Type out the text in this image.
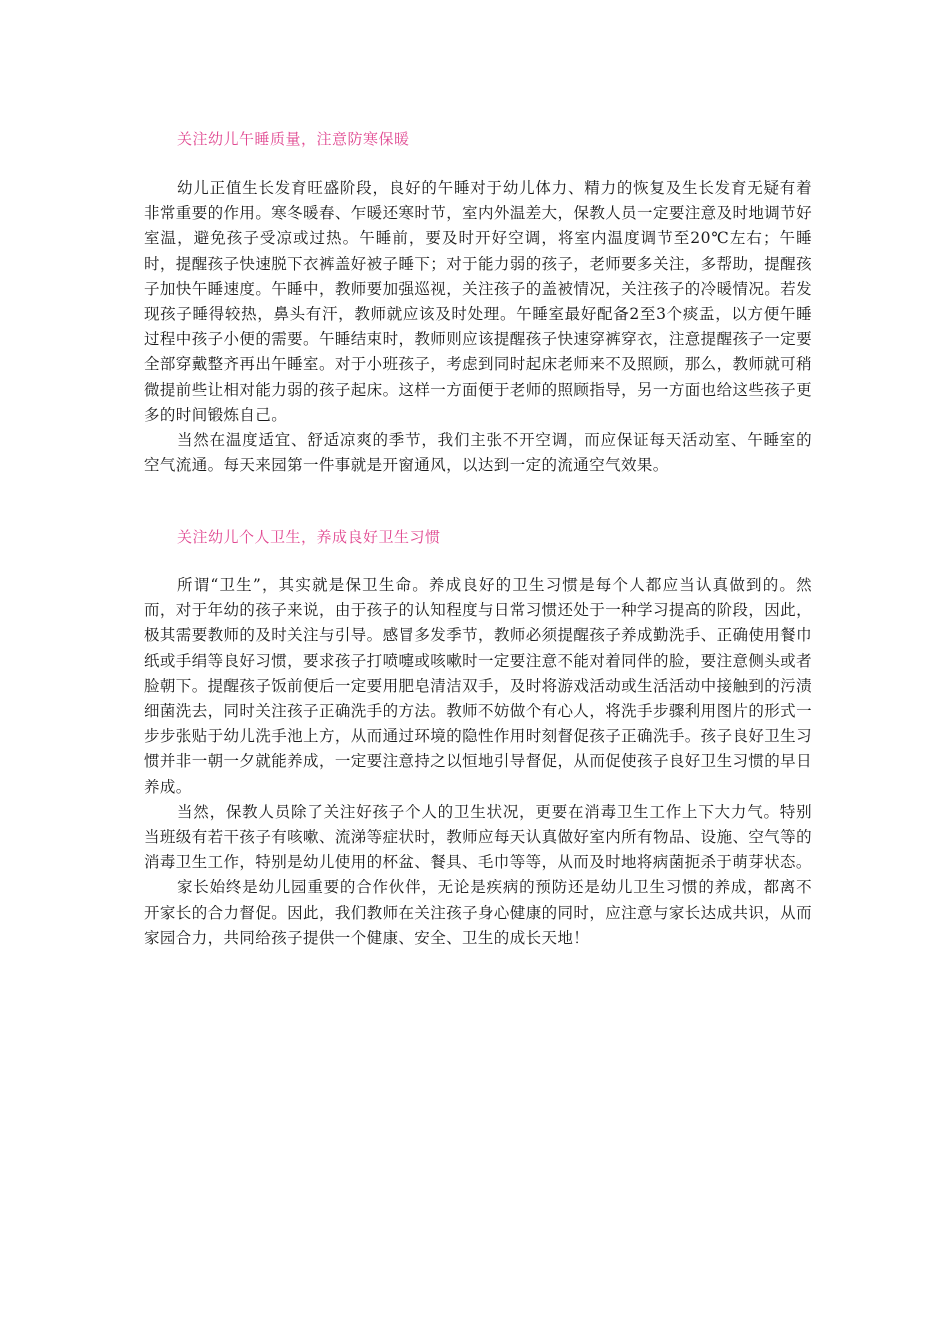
关注幼儿午睡质量，注意防寒保暖

幼儿正值生长发育旺盛阶段，良好的午睡对于幼儿体力、精力的恢复及生长发育无疑有着非常重要的作用。寒冬暖春、乍暖还寒时节，室内外温差大，保教人员一定要注意及时地调节好室温，避免孩子受凉或过热。午睡前，要及时开好空调，将室内温度调节至20℃左右；午睡时，提醒孩子快速脱下衣裤盖好被子睡下；对于能力弱的孩子，老师要多关注，多帮助，提醒孩子加快午睡速度。午睡中，教师要加强巡视，关注孩子的盖被情况，关注孩子的冷暖情况。若发现孩子睡得较热，鼻头有汗，教师就应该及时处理。午睡室最好配备2至3个痰盂，以方便午睡过程中孩子小便的需要。午睡结束时，教师则应该提醒孩子快速穿裤穿衣，注意提醒孩子一定要全部穿戴整齐再出午睡室。对于小班孩子，考虑到同时起床老师来不及照顾，那么，教师就可稍微提前些让相对能力弱的孩子起床。这样一方面便于老师的照顾指导，另一方面也给这些孩子更多的时间锻炼自己。

当然在温度适宜、舒适凉爽的季节，我们主张不开空调，而应保证每天活动室、午睡室的空气流通。每天来园第一件事就是开窗通风，以达到一定的流通空气效果。

关注幼儿个人卫生，养成良好卫生习惯

所谓“卫生”，其实就是保卫生命。养成良好的卫生习惯是每个人都应当认真做到的。然而，对于年幼的孩子来说，由于孩子的认知程度与日常习惯还处于一种学习提高的阶段，因此，极其需要教师的及时关注与引导。感冒多发季节，教师必须提醒孩子养成勤洗手、正确使用餐巾纸或手绢等良好习惯，要求孩子打喷嚏或咳嗽时一定要注意不能对着同伴的脸，要注意侧头或者脸朝下。提醒孩子饭前便后一定要用肥皂清洁双手，及时将游戏活动或生活活动中接触到的污渍细菌洗去，同时关注孩子正确洗手的方法。教师不妨做个有心人，将洗手步骤利用图片的形式一步步张贴于幼儿洗手池上方，从而通过环境的隐性作用时刻督促孩子正确洗手。孩子良好卫生习惯并非一朝一夕就能养成，一定要注意持之以恒地引导督促，从而促使孩子良好卫生习惯的早日养成。

当然，保教人员除了关注好孩子个人的卫生状况，更要在消毒卫生工作上下大力气。特别当班级有若干孩子有咳嗽、流涕等症状时，教师应每天认真做好室内所有物品、设施、空气等的消毒卫生工作，特别是幼儿使用的杯盆、餐具、毛巾等等，从而及时地将病菌扼杀于萌芽状态。

家长始终是幼儿园重要的合作伙伴，无论是疾病的预防还是幼儿卫生习惯的养成，都离不开家长的合力督促。因此，我们教师在关注孩子身心健康的同时，应注意与家长达成共识，从而家园合力，共同给孩子提供一个健康、安全、卫生的成长天地！
